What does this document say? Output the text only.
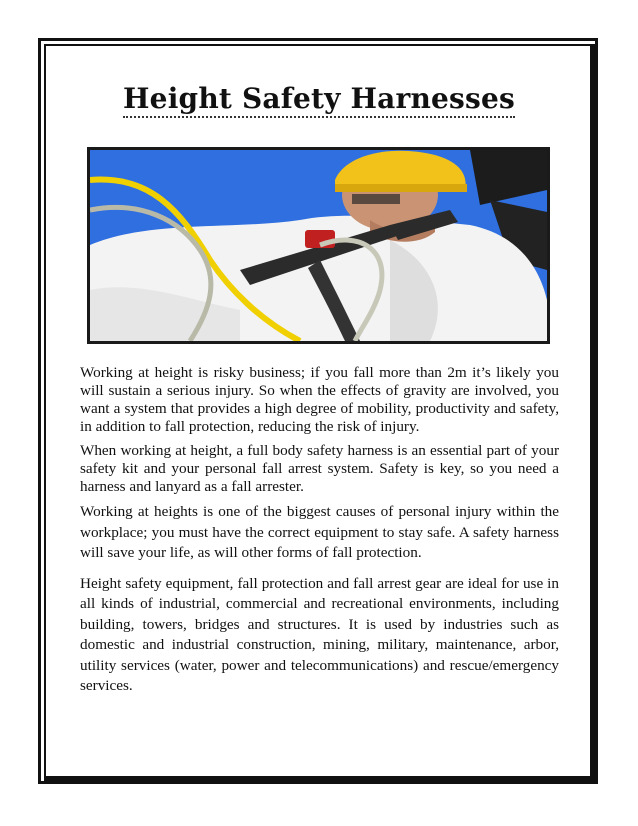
Height Safety Harnesses

Working at height is risky business; if you fall more than 2m it’s likely you will sustain a serious injury. So when the effects of gravity are involved, you want a system that provides a high degree of mobility, productivity and safety, in addition to fall protection, reducing the risk of injury.

When working at height, a full body safety harness is an essential part of your safety kit and your personal fall arrest system. Safety is key, so you need a harness and lanyard as a fall arrester.

Working at heights is one of the biggest causes of personal injury within the workplace; you must have the correct equipment to stay safe. A safety harness will save your life, as will other forms of fall protection.

Height safety equipment, fall protection and fall arrest gear are ideal for use in all kinds of industrial, commercial and recreational environments, including building, towers, bridges and structures. It is used by industries such as domestic and industrial construction, mining, military, maintenance, arbor, utility services (water, power and telecommunications) and rescue/emergency services.
